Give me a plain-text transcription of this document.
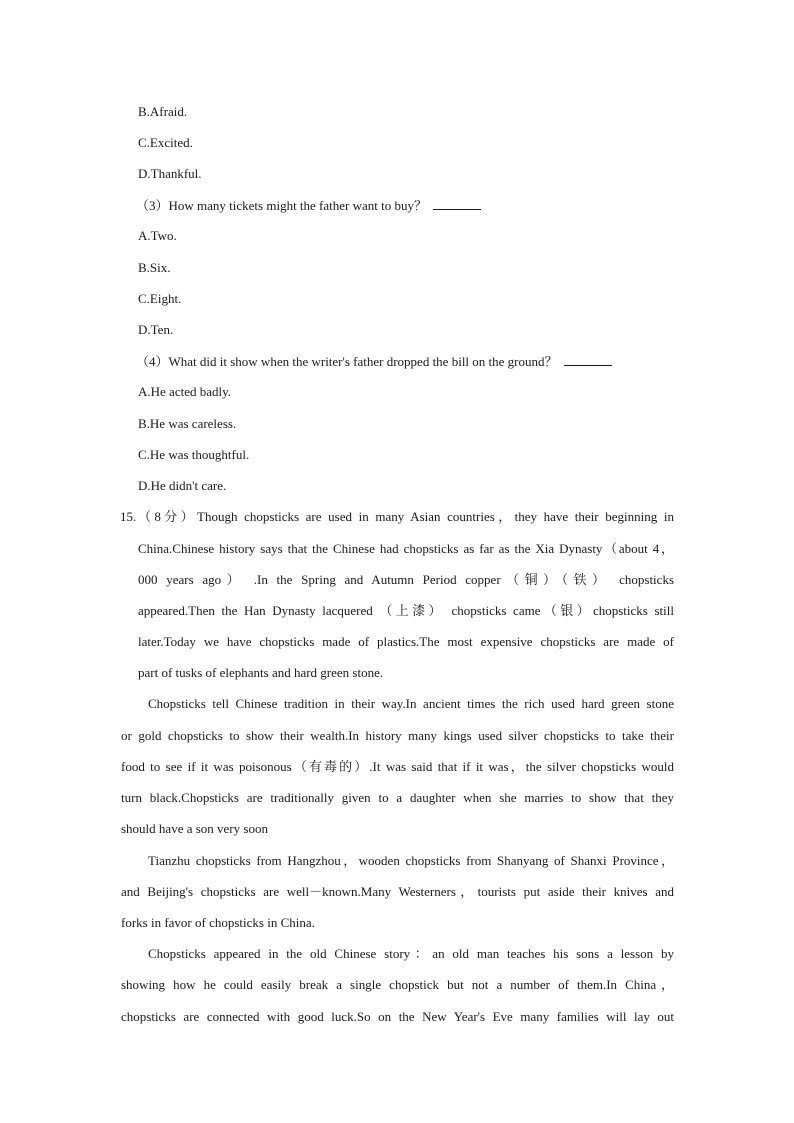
B.Afraid.
C.Excited.
D.Thankful.
（3）How many tickets might the father want to buy？
A.Two.
B.Six.
C.Eight.
D.Ten.
（4）What did it show when the writer's father dropped the bill on the ground？
A.He acted badly.
B.He was careless.
C.He was thoughtful.
D.He didn't care.
15. （8分）Though chopsticks are used in many Asian countries，they have their beginning in
China.Chinese history says that the Chinese had chopsticks as far as the Xia Dynasty（about 4，
000 years ago） .In the Spring and Autumn Period copper（铜）（铁） chopsticks
appeared.Then the Han Dynasty lacquered （上漆） chopsticks came（银）chopsticks still
later.Today we have chopsticks made of plastics.The most expensive chopsticks are made of
part of tusks of elephants and hard green stone.
Chopsticks tell Chinese tradition in their way.In ancient times the rich used hard green stone
or gold chopsticks to show their wealth.In history many kings used silver chopsticks to take their
food to see if it was poisonous（有毒的）.It was said that if it was，the silver chopsticks would
turn black.Chopsticks are traditionally given to a daughter when she marries to show that they
should have a son very soon
Tianzhu chopsticks from Hangzhou，wooden chopsticks from Shanyang of Shanxi Province，
and Beijing's chopsticks are well－known.Many Westerners，tourists put aside their knives and
forks in favor of chopsticks in China.
Chopsticks appeared in the old Chinese story：an old man teaches his sons a lesson by
showing how he could easily break a single chopstick but not a number of them.In China，
chopsticks are connected with good luck.So on the New Year's Eve many families will lay out
